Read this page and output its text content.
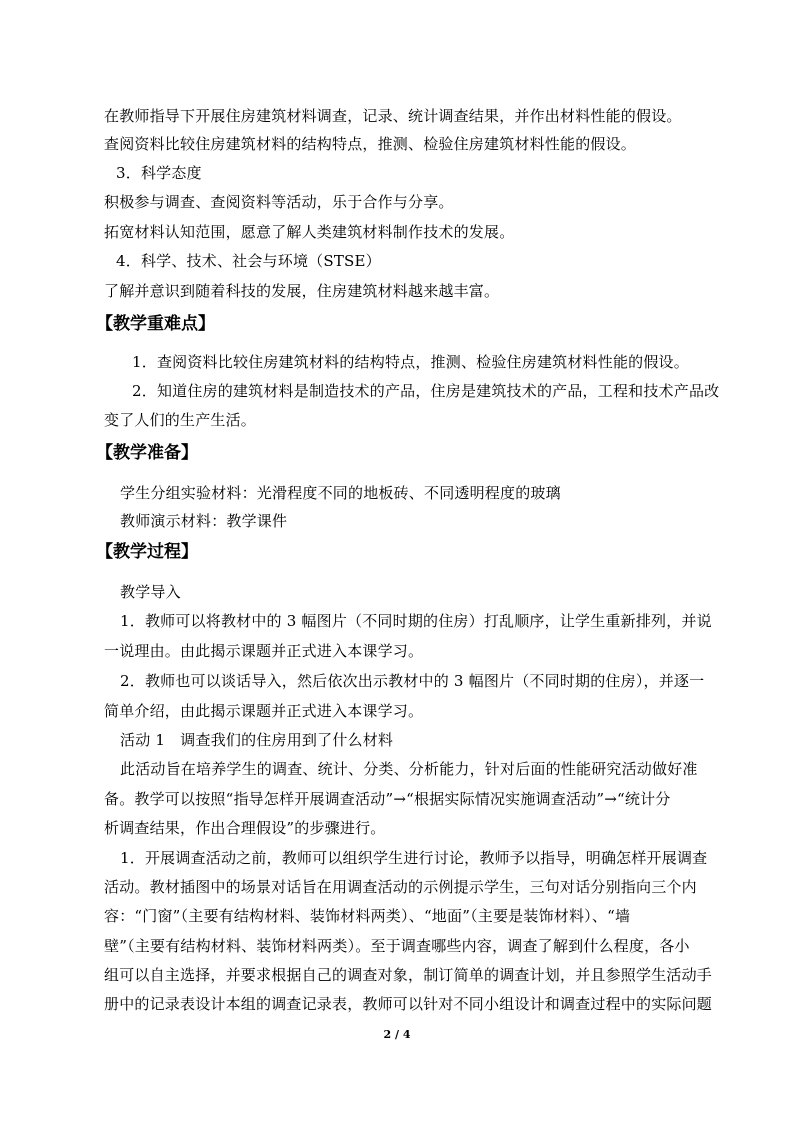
在教师指导下开展住房建筑材料调查，记录、统计调查结果，并作出材料性能的假设。
查阅资料比较住房建筑材料的结构特点，推测、检验住房建筑材料性能的假设。
3．科学态度
积极参与调查、查阅资料等活动，乐于合作与分享。
拓宽材料认知范围，愿意了解人类建筑材料制作技术的发展。
4．科学、技术、社会与环境（STSE）
了解并意识到随着科技的发展，住房建筑材料越来越丰富。
【教学重难点】
1．查阅资料比较住房建筑材料的结构特点，推测、检验住房建筑材料性能的假设。
2．知道住房的建筑材料是制造技术的产品，住房是建筑技术的产品，工程和技术产品改
变了人们的生产生活。
【教学准备】
学生分组实验材料：光滑程度不同的地板砖、不同透明程度的玻璃
教师演示材料：教学课件
【教学过程】
教学导入
1．教师可以将教材中的 3 幅图片（不同时期的住房）打乱顺序，让学生重新排列，并说
一说理由。由此揭示课题并正式进入本课学习。
2．教师也可以谈话导入，然后依次出示教材中的 3 幅图片（不同时期的住房），并逐一
简单介绍，由此揭示课题并正式进入本课学习。
活动 1　调查我们的住房用到了什么材料
此活动旨在培养学生的调查、统计、分类、分析能力，针对后面的性能研究活动做好准
备。教学可以按照“指导怎样开展调查活动”→“根据实际情况实施调查活动”→“统计分
析调查结果，作出合理假设”的步骤进行。
1．开展调查活动之前，教师可以组织学生进行讨论，教师予以指导，明确怎样开展调查
活动。教材插图中的场景对话旨在用调查活动的示例提示学生，三句对话分别指向三个内
容：“门窗”（主要有结构材料、装饰材料两类）、“地面”（主要是装饰材料）、“墙
壁”（主要有结构材料、装饰材料两类）。至于调查哪些内容，调查了解到什么程度，各小
组可以自主选择，并要求根据自己的调查对象，制订简单的调查计划，并且参照学生活动手
册中的记录表设计本组的调查记录表，教师可以针对不同小组设计和调查过程中的实际问题
2 / 4
